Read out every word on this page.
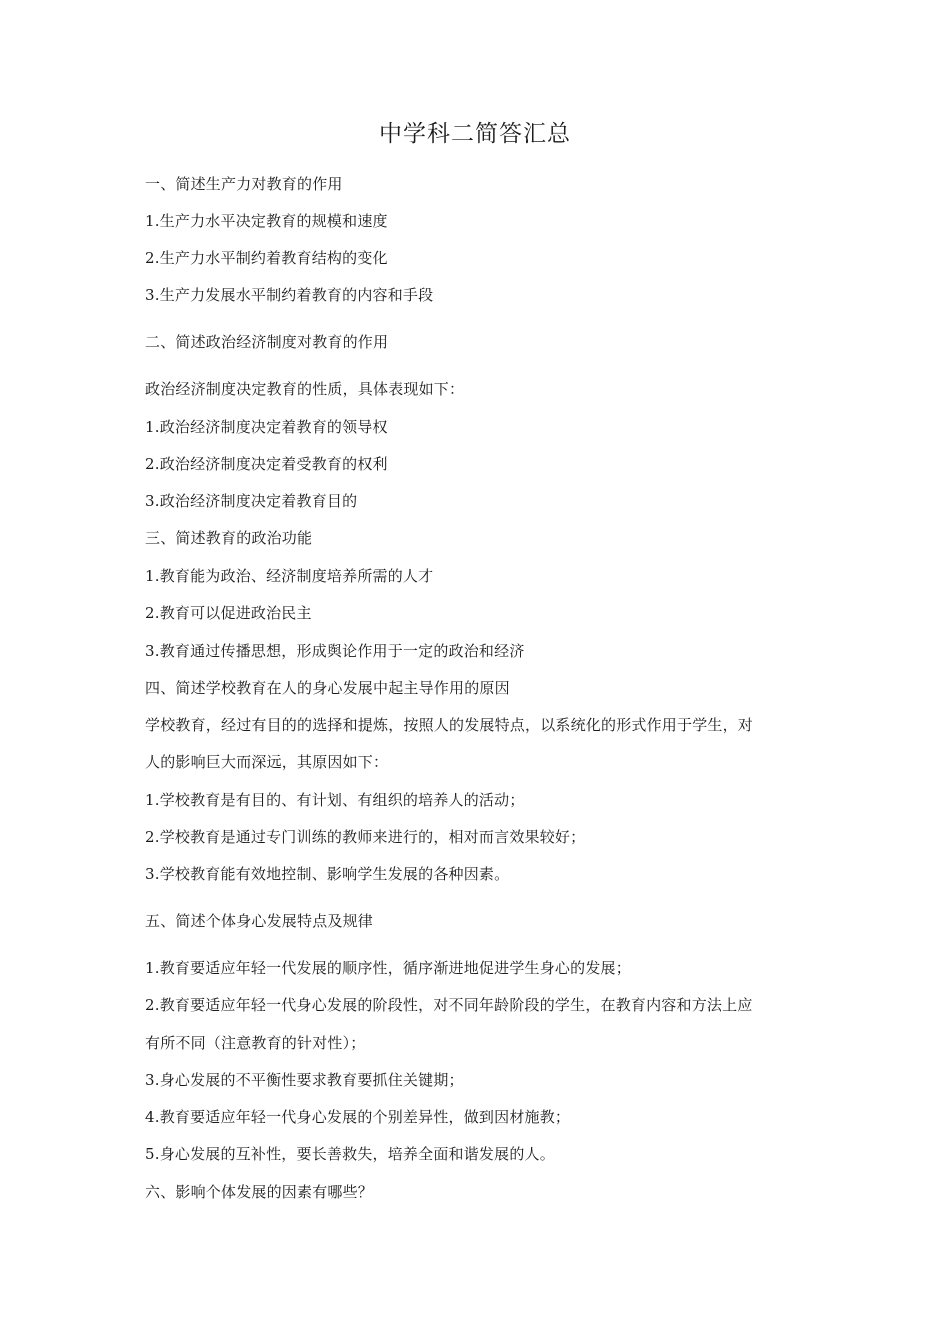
中学科二简答汇总
一、简述生产力对教育的作用
1.生产力水平决定教育的规模和速度
2.生产力水平制约着教育结构的变化
3.生产力发展水平制约着教育的内容和手段
二、简述政治经济制度对教育的作用
政治经济制度决定教育的性质，具体表现如下：
1.政治经济制度决定着教育的领导权
2.政治经济制度决定着受教育的权利
3.政治经济制度决定着教育目的
三、简述教育的政治功能
1.教育能为政治、经济制度培养所需的人才
2.教育可以促进政治民主
3.教育通过传播思想，形成舆论作用于一定的政治和经济
四、简述学校教育在人的身心发展中起主导作用的原因
学校教育，经过有目的的选择和提炼，按照人的发展特点，以系统化的形式作用于学生，对
人的影响巨大而深远，其原因如下：
1.学校教育是有目的、有计划、有组织的培养人的活动；
2.学校教育是通过专门训练的教师来进行的，相对而言效果较好；
3.学校教育能有效地控制、影响学生发展的各种因素。
五、简述个体身心发展特点及规律
1.教育要适应年轻一代发展的顺序性，循序渐进地促进学生身心的发展；
2.教育要适应年轻一代身心发展的阶段性，对不同年龄阶段的学生，在教育内容和方法上应
有所不同（注意教育的针对性）；
3.身心发展的不平衡性要求教育要抓住关键期；
4.教育要适应年轻一代身心发展的个别差异性，做到因材施教；
5.身心发展的互补性，要长善救失，培养全面和谐发展的人。
六、影响个体发展的因素有哪些？
